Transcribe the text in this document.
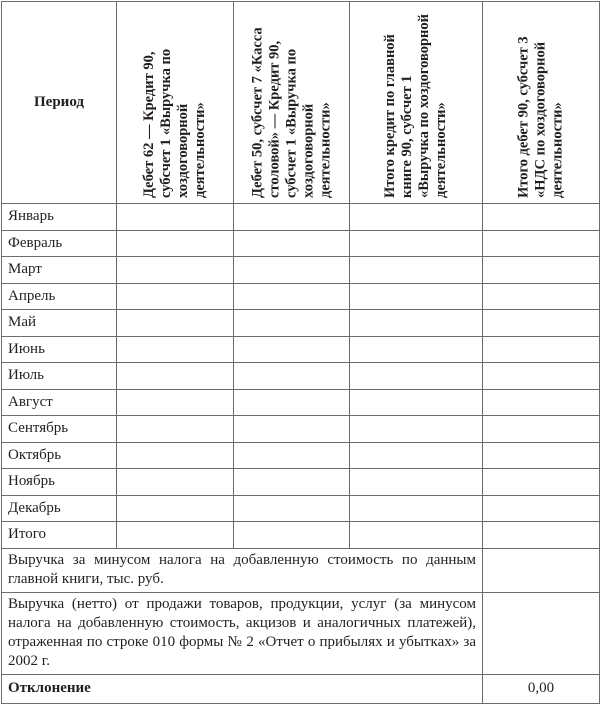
Период	Дебет 62 — Кредит 90, субсчет 1 «Выручка по хоздоговорной деятельности»	Дебет 50, субсчет 7 «Касса столовой» — Кредит 90, субсчет 1 «Выручка по хоздоговорной деятельности»	Итого кредит по главной книге 90, субсчет 1 «Выручка по хоздоговорной деятельности»	Итого дебет 90, субсчет 3 «НДС по хоздоговорной деятельности»

Январь				
Февраль				
Март				
Апрель				
Май				
Июнь				
Июль				
Август				
Сентябрь				
Октябрь				
Ноябрь				
Декабрь				
Итого				
Выручка за минусом налога на добавленную стоимость по данным главной книги, тыс. руб.				
Выручка (нетто) от продажи товаров, продукции, услуг (за минусом налога на добавленную стоимость, акцизов и аналогичных платежей), отраженная по строке 010 формы № 2 «Отчет о прибылях и убытках» за 2002 г.				
Отклонение				0,00
